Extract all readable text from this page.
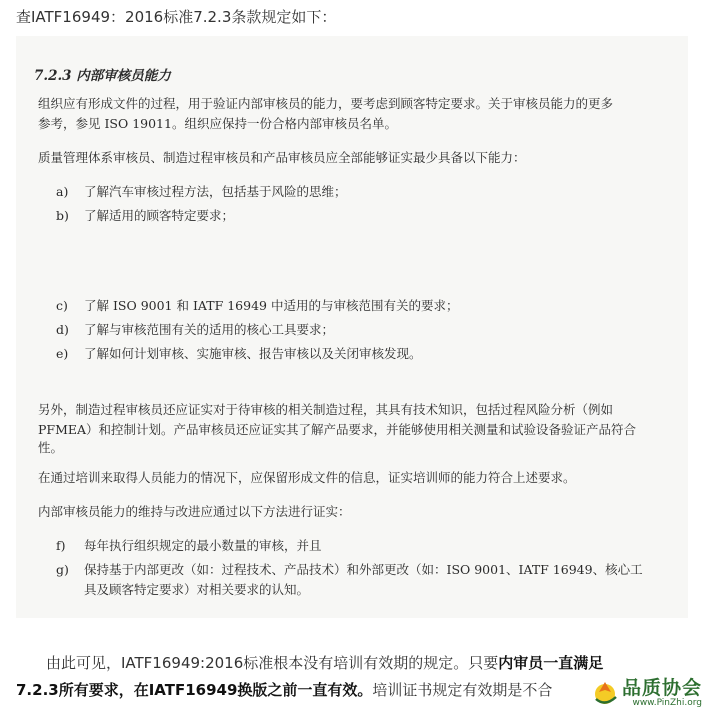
查IATF16949：2016标准7.2.3条款规定如下：
7.2.3 内部审核员能力
组织应有形成文件的过程，用于验证内部审核员的能力，要考虑到顾客特定要求。关于审核员能力的更多
参考，参见 ISO 19011。组织应保持一份合格内部审核员名单。
质量管理体系审核员、制造过程审核员和产品审核员应全部能够证实最少具备以下能力：
a) 了解汽车审核过程方法，包括基于风险的思维；
b) 了解适用的顾客特定要求；
c) 了解 ISO 9001 和 IATF 16949 中适用的与审核范围有关的要求；
d) 了解与审核范围有关的适用的核心工具要求；
e) 了解如何计划审核、实施审核、报告审核以及关闭审核发现。
另外，制造过程审核员还应证实对于待审核的相关制造过程，其具有技术知识，包括过程风险分析（例如
PFMEA）和控制计划。产品审核员还应证实其了解产品要求，并能够使用相关测量和试验设备验证产品符合
性。
在通过培训来取得人员能力的情况下，应保留形成文件的信息，证实培训师的能力符合上述要求。
内部审核员能力的维持与改进应通过以下方法进行证实：
f) 每年执行组织规定的最小数量的审核，并且
g) 保持基于内部更改（如：过程技术、产品技术）和外部更改（如：ISO 9001、IATF 16949、核心工
具及顾客特定要求）对相关要求的认知。
由此可见，IATF16949:2016标准根本没有培训有效期的规定。只要内审员一直满足
7.2.3所有要求，在IATF16949换版之前一直有效。培训证书规定有效期是不合	品质协会
www.PinZhi.org
